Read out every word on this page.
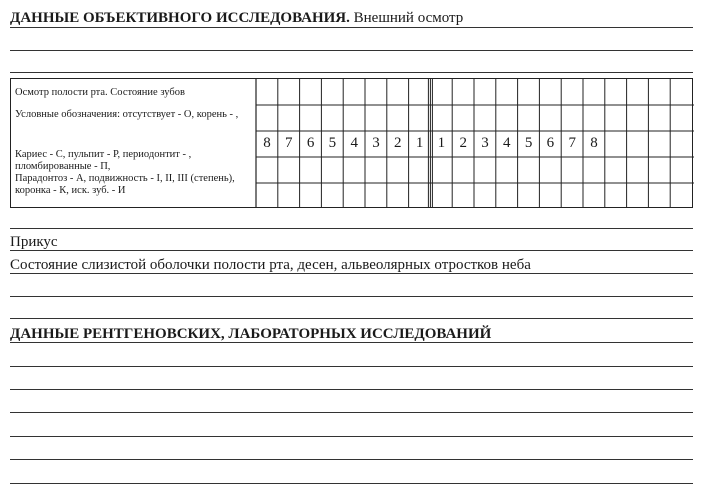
ДАННЫЕ ОБЪЕКТИВНОГО ИССЛЕДОВАНИЯ. Внешний осмотр
Осмотр полости рта. Состояние зубов
Условные обозначения: отсутствует - О, корень - ,
Кариес - С, пульпит - Р, периодонтит - ,
пломбированные - П,
Парадонтоз - А, подвижность - I, II, III (степень),
коронка - К, иск. зуб. - И
8 7 6 5 4 3 2 1 1 2 3 4 5 6 7 8
Прикус
Состояние слизистой оболочки полости рта, десен, альвеолярных отростков неба
ДАННЫЕ РЕНТГЕНОВСКИХ, ЛАБОРАТОРНЫХ ИССЛЕДОВАНИЙ
